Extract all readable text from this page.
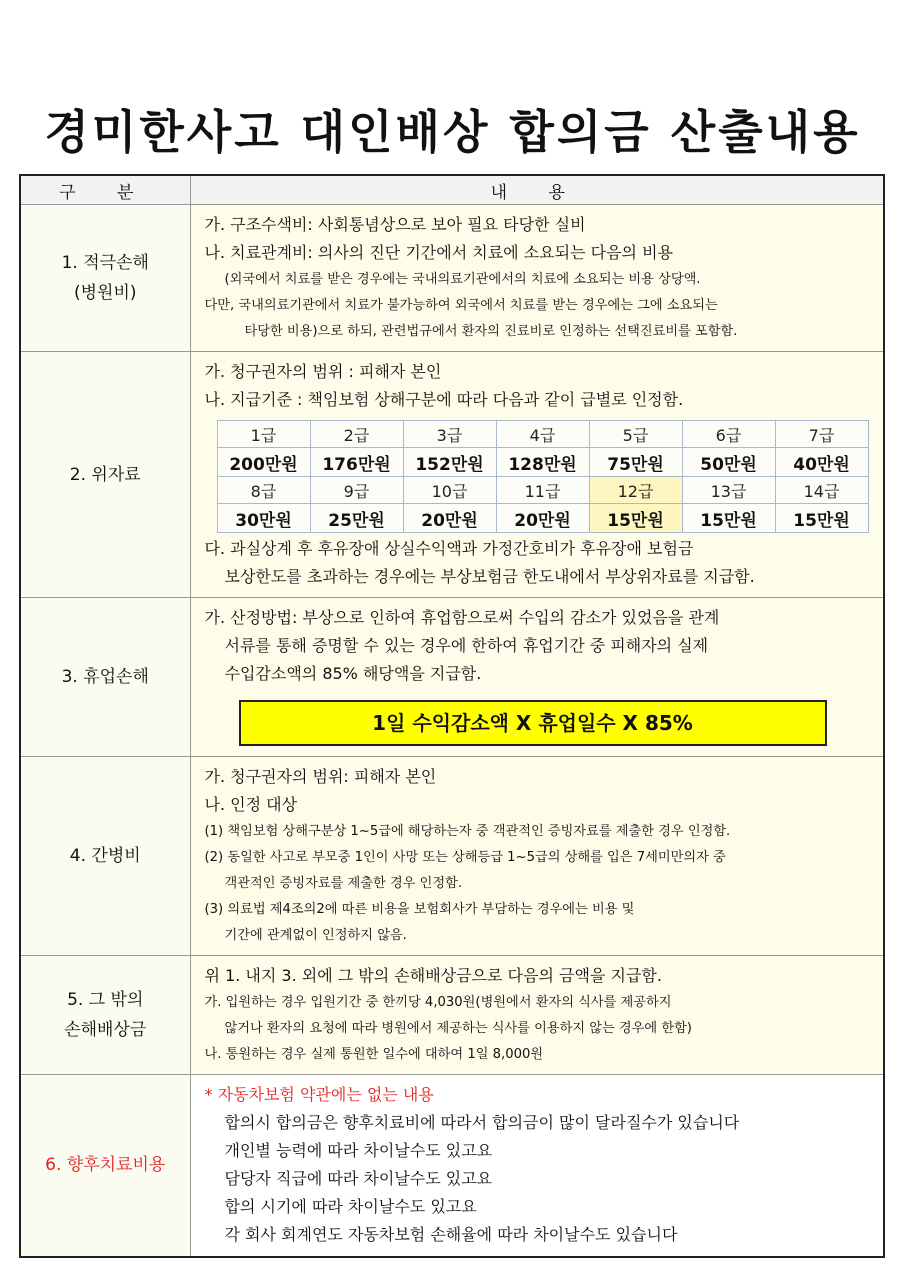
경미한사고 대인배상 합의금 산출내용
구 분	내 용

1. 적극손해
(병원비)

가. 구조수색비: 사회통념상으로 보아 필요 타당한 실비
나. 치료관계비: 의사의 진단 기간에서 치료에 소요되는 다음의 비용
(외국에서 치료를 받은 경우에는 국내의료기관에서의 치료에 소요되는 비용 상당액.
다만, 국내의료기관에서 치료가 불가능하여 외국에서 치료를 받는 경우에는 그에 소요되는
타당한 비용)으로 하되, 관련법규에서 환자의 진료비로 인정하는 선택진료비를 포함함.

2. 위자료	
가. 청구권자의 범위 : 피해자 본인
나. 지급기준 : 책임보험 상해구분에 따라 다음과 같이 급별로 인정함.
1급	2급	3급	4급	5급	6급	7급
200만원	176만원	152만원	128만원	75만원	50만원	40만원
8급	9급	10급	11급	12급	13급	14급
30만원	25만원	20만원	20만원	15만원	15만원	15만원
다. 과실상계 후 후유장애 상실수익액과 가정간호비가 후유장애 보험금
보상한도를 초과하는 경우에는 부상보험금 한도내에서 부상위자료를 지급함.

3. 휴업손해	
가. 산정방법: 부상으로 인하여 휴업함으로써 수입의 감소가 있었음을 관계
서류를 통해 증명할 수 있는 경우에 한하여 휴업기간 중 피해자의 실제
수입감소액의 85% 해당액을 지급함.
1일 수익감소액 X 휴업일수 X 85%

4. 간병비	
가. 청구권자의 범위: 피해자 본인
나. 인정 대상
(1) 책임보험 상해구분상 1~5급에 해당하는자 중 객관적인 증빙자료를 제출한 경우 인정함.
(2) 동일한 사고로 부모중 1인이 사망 또는 상해등급 1~5급의 상해를 입은 7세미만의자 중
객관적인 증빙자료를 제출한 경우 인정함.
(3) 의료법 제4조의2에 따른 비용을 보험회사가 부담하는 경우에는 비용 및
기간에 관계없이 인정하지 않음.

5. 그 밖의
손해배상금

위 1. 내지 3. 외에 그 밖의 손해배상금으로 다음의 금액을 지급함.
가. 입원하는 경우 입원기간 중 한끼당 4,030원(병원에서 환자의 식사를 제공하지
않거나 환자의 요청에 따라 병원에서 제공하는 식사를 이용하지 않는 경우에 한함)
나. 통원하는 경우 실제 통원한 일수에 대하여 1일 8,000원

6. 향후치료비용	
* 자동차보험 약관에는 없는 내용
합의시 합의금은 향후치료비에 따라서 합의금이 많이 달라질수가 있습니다
개인별 능력에 따라 차이날수도 있고요
담당자 직급에 따라 차이날수도 있고요
합의 시기에 따라 차이날수도 있고요
각 회사 회계연도 자동차보험 손해율에 따라 차이날수도 있습니다
